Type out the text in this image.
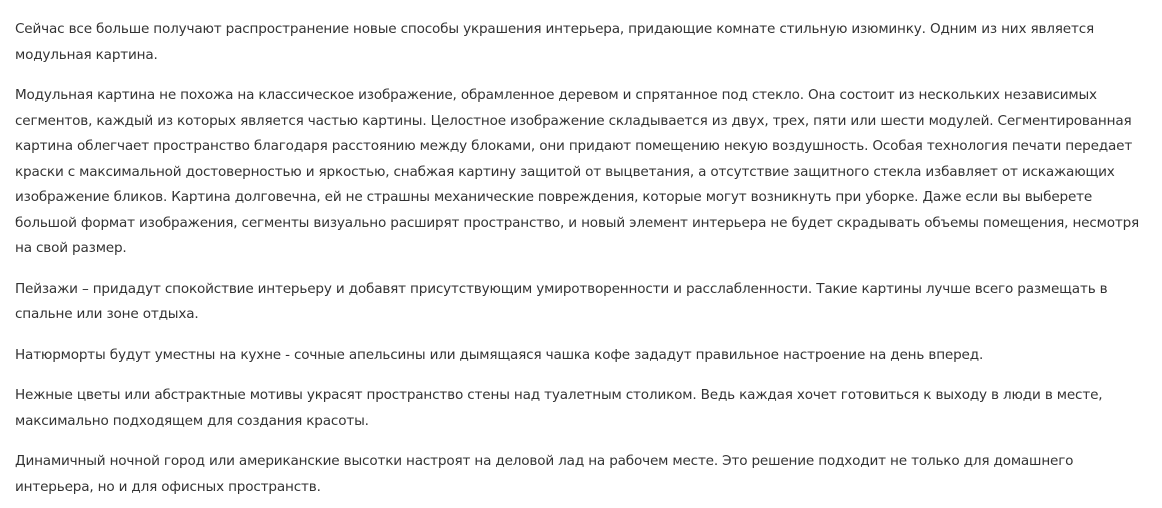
Сейчас все больше получают распространение новые способы украшения интерьера, придающие комнате стильную изюминку. Одним из них является модульная картина.

Модульная картина не похожа на классическое изображение, обрамленное деревом и спрятанное под стекло. Она состоит из нескольких независимых сегментов, каждый из которых является частью картины. Целостное изображение складывается из двух, трех, пяти или шести модулей. Сегментированная картина облегчает пространство благодаря расстоянию между блоками, они придают помещению некую воздушность. Особая технология печати передает краски с максимальной достоверностью и яркостью, снабжая картину защитой от выцветания, а отсутствие защитного стекла избавляет от искажающих изображение бликов. Картина долговечна, ей не страшны механические повреждения, которые могут возникнуть при уборке. Даже если вы выберете большой формат изображения, сегменты визуально расширят пространство, и новый элемент интерьера не будет скрадывать объемы помещения, несмотря на свой размер.

Пейзажи – придадут спокойствие интерьеру и добавят присутствующим умиротворенности и расслабленности. Такие картины лучше всего размещать в спальне или зоне отдыха.

Натюрморты будут уместны на кухне - сочные апельсины или дымящаяся чашка кофе зададут правильное настроение на день вперед.

Нежные цветы или абстрактные мотивы украсят пространство стены над туалетным столиком. Ведь каждая хочет готовиться к выходу в люди в месте, максимально подходящем для создания красоты.

Динамичный ночной город или американские высотки настроят на деловой лад на рабочем месте. Это решение подходит не только для домашнего интерьера, но и для офисных пространств.
